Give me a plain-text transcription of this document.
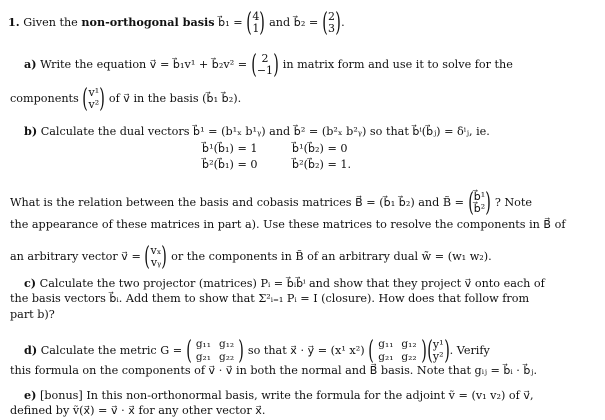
1. Given the non-orthogonal basis b⃗₁ = ( 4
1 ) and b⃗₂ = ( 2
3 ).
a) Write the equation v⃗ = b⃗₁v¹ + b⃗₂v² = ( 2
−1 ) in matrix form and use it to solve for the
components ( v¹
v² ) of v⃗ in the basis (b⃗₁ b⃗₂).
b) Calculate the dual vectors b⃗¹ = (b¹ₓ b¹ᵧ) and b⃗² = (b²ₓ b²ᵧ) so that b⃗ⁱ(b⃗ⱼ) = δⁱⱼ, ie.
b⃗¹(b⃗₁) = 1	b⃗¹(b⃗₂) = 0
b⃗²(b⃗₁) = 0	b⃗²(b⃗₂) = 1.
What is the relation between the basis and cobasis matrices B⃗ = (b⃗₁ b⃗₂) and B̃ = ( b⃗¹
b⃗² ) ? Note
the appearance of these matrices in part a). Use these matrices to resolve the components in B⃗ of
an arbitrary vector v⃗ = ( vₓ
vᵧ ) or the components in B̃ of an arbitrary dual w̃ = (w₁ w₂).
c) Calculate the two projector (matrices) Pᵢ = b⃗ᵢb⃗ⁱ and show that they project v⃗ onto each of
the basis vectors b⃗ᵢ. Add them to show that Σ²ᵢ₌₁ Pᵢ = I (closure). How does that follow from
part b)?
d) Calculate the metric G = ( g₁₁	g₁₂
g₂₁	g₂₂ ) so that x⃗ · y⃗ = (x¹ x²) ( g₁₁	g₁₂
g₂₁	g₂₂ )( y¹
y² ). Verify
this formula on the components of v⃗ · v⃗ in both the normal and B⃗ basis. Note that gᵢⱼ = b⃗ᵢ · b⃗ⱼ.
e) [bonus] In this non-orthonormal basis, write the formula for the adjoint ṽ = (v₁ v₂) of v⃗,
defined by ṽ(x⃗) = v⃗ · x⃗ for any other vector x⃗.
